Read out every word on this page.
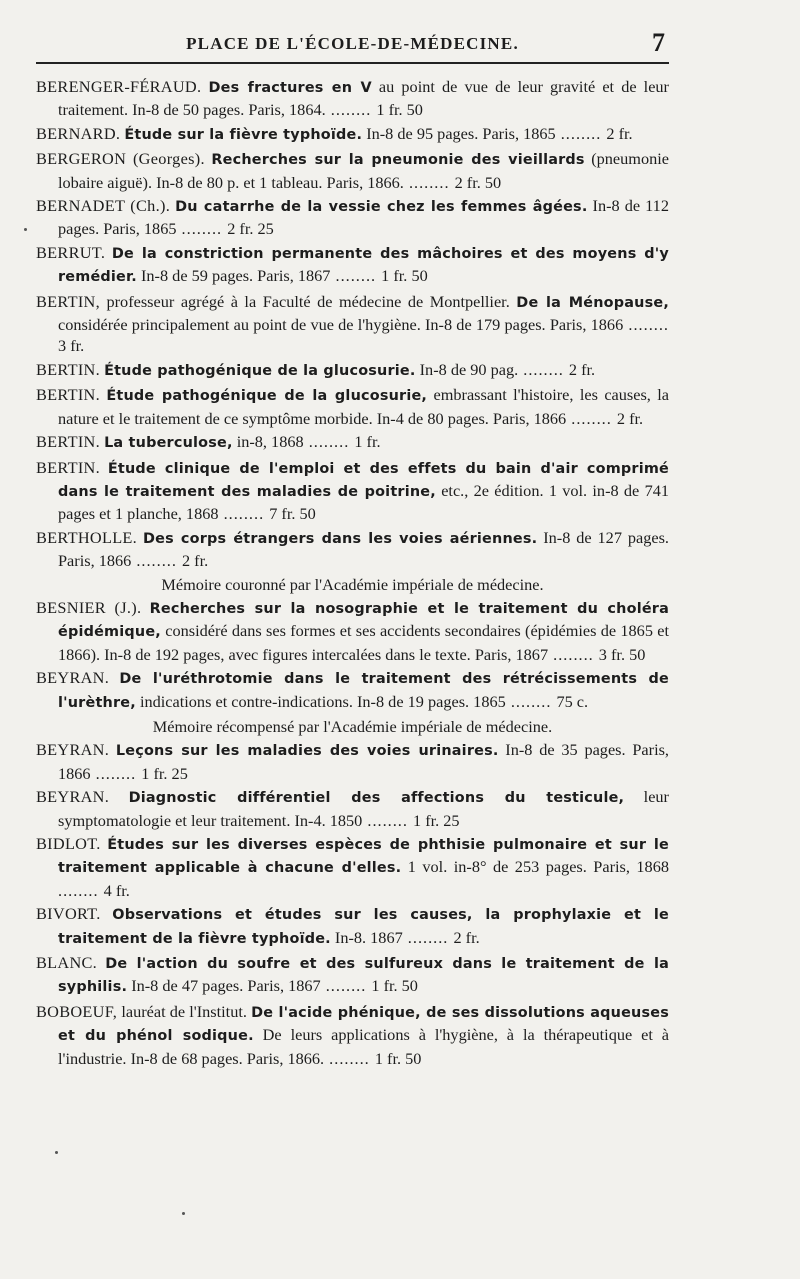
PLACE DE L'ÉCOLE-DE-MÉDECINE.	7
BERENGER-FÉRAUD. Des fractures en V au point de vue de leur gravité et de leur traitement. In-8 de 50 pages. Paris, 1864. ........ 1 fr. 50
BERNARD. Étude sur la fièvre typhoïde. In-8 de 95 pages. Paris, 1865 ........ 2 fr.
BERGERON (Georges). Recherches sur la pneumonie des vieillards (pneumonie lobaire aiguë). In-8 de 80 p. et 1 tableau. Paris, 1866. ........ 2 fr. 50
BERNADET (Ch.). Du catarrhe de la vessie chez les femmes âgées. In-8 de 112 pages. Paris, 1865 ........ 2 fr. 25
BERRUT. De la constriction permanente des mâchoires et des moyens d'y remédier. In-8 de 59 pages. Paris, 1867 ........ 1 fr. 50
BERTIN, professeur agrégé à la Faculté de médecine de Montpellier. De la Ménopause, considérée principalement au point de vue de l'hygiène. In-8 de 179 pages. Paris, 1866 ........ 3 fr.
BERTIN. Étude pathogénique de la glucosurie. In-8 de 90 pag. ........ 2 fr.
BERTIN. Étude pathogénique de la glucosurie, embrassant l'histoire, les causes, la nature et le traitement de ce symptôme morbide. In-4 de 80 pages. Paris, 1866 ........ 2 fr.
BERTIN. La tuberculose, in-8, 1868 ........ 1 fr.
BERTIN. Étude clinique de l'emploi et des effets du bain d'air comprimé dans le traitement des maladies de poitrine, etc., 2e édition. 1 vol. in-8 de 741 pages et 1 planche, 1868 ........ 7 fr. 50
BERTHOLLE. Des corps étrangers dans les voies aériennes. In-8 de 127 pages. Paris, 1866 ........ 2 fr.
Mémoire couronné par l'Académie impériale de médecine.
BESNIER (J.). Recherches sur la nosographie et le traitement du choléra épidémique, considéré dans ses formes et ses accidents secondaires (épidémies de 1865 et 1866). In-8 de 192 pages, avec figures intercalées dans le texte. Paris, 1867 ........ 3 fr. 50
BEYRAN. De l'uréthrotomie dans le traitement des rétrécissements de l'urèthre, indications et contre-indications. In-8 de 19 pages. 1865 ........ 75 c.
Mémoire récompensé par l'Académie impériale de médecine.
BEYRAN. Leçons sur les maladies des voies urinaires. In-8 de 35 pages. Paris, 1866 ........ 1 fr. 25
BEYRAN. Diagnostic différentiel des affections du testicule, leur symptomatologie et leur traitement. In-4. 1850 ........ 1 fr. 25
BIDLOT. Études sur les diverses espèces de phthisie pulmonaire et sur le traitement applicable à chacune d'elles. 1 vol. in-8° de 253 pages. Paris, 1868 ........ 4 fr.
BIVORT. Observations et études sur les causes, la prophylaxie et le traitement de la fièvre typhoïde. In-8. 1867 ........ 2 fr.
BLANC. De l'action du soufre et des sulfureux dans le traitement de la syphilis. In-8 de 47 pages. Paris, 1867 ........ 1 fr. 50
BOBOEUF, lauréat de l'Institut. De l'acide phénique, de ses dissolutions aqueuses et du phénol sodique. De leurs applications à l'hygiène, à la thérapeutique et à l'industrie. In-8 de 68 pages. Paris, 1866. ........ 1 fr. 50
